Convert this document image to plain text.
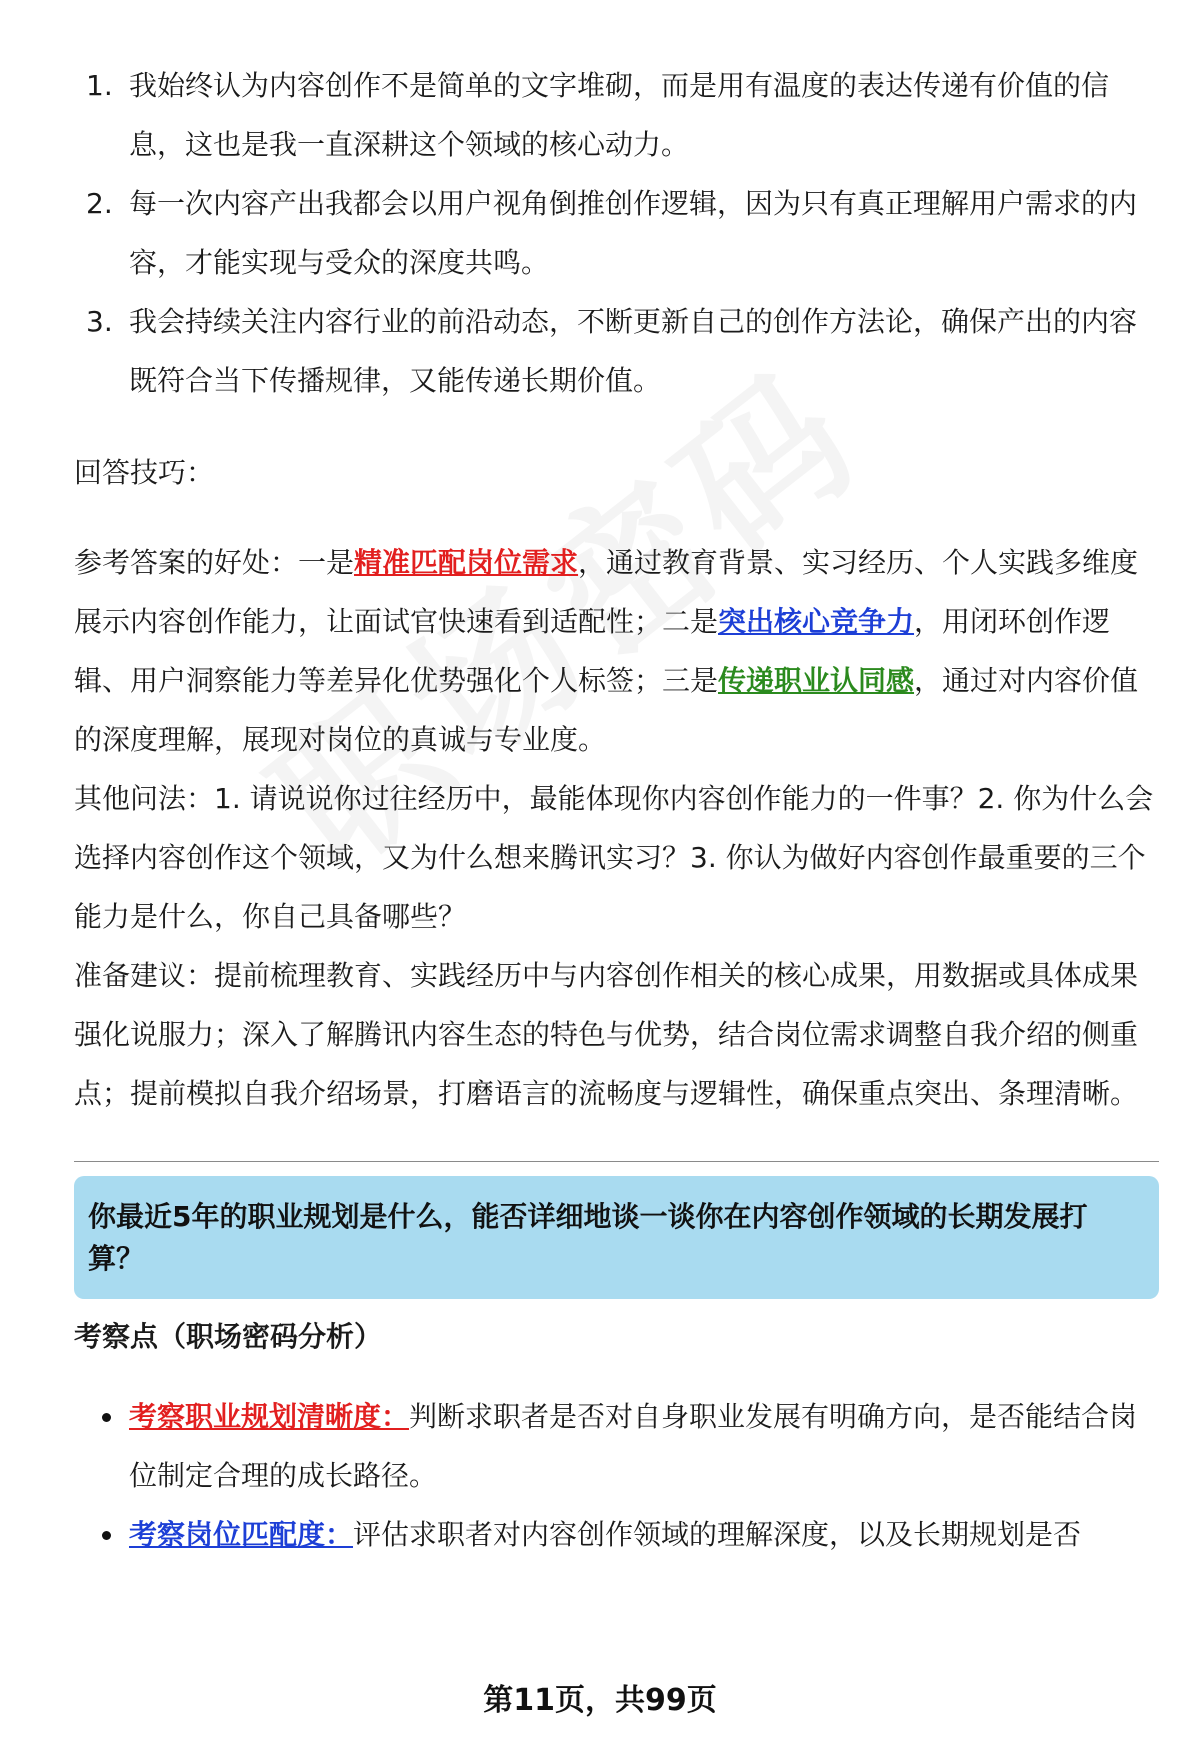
1. 我始终认为内容创作不是简单的文字堆砌，而是用有温度的表达传递有价值的信息，这也是我一直深耕这个领域的核心动力。
2. 每一次内容产出我都会以用户视角倒推创作逻辑，因为只有真正理解用户需求的内容，才能实现与受众的深度共鸣。
3. 我会持续关注内容行业的前沿动态，不断更新自己的创作方法论，确保产出的内容既符合当下传播规律，又能传递长期价值。

回答技巧：

参考答案的好处：一是精准匹配岗位需求，通过教育背景、实习经历、个人实践多维度展示内容创作能力，让面试官快速看到适配性；二是突出核心竞争力，用闭环创作逻辑、用户洞察能力等差异化优势强化个人标签；三是传递职业认同感，通过对内容价值的深度理解，展现对岗位的真诚与专业度。

其他问法：1. 请说说你过往经历中，最能体现你内容创作能力的一件事？2. 你为什么会选择内容创作这个领域，又为什么想来腾讯实习？3. 你认为做好内容创作最重要的三个能力是什么，你自己具备哪些？

准备建议：提前梳理教育、实践经历中与内容创作相关的核心成果，用数据或具体成果强化说服力；深入了解腾讯内容生态的特色与优势，结合岗位需求调整自我介绍的侧重点；提前模拟自我介绍场景，打磨语言的流畅度与逻辑性，确保重点突出、条理清晰。

你最近5年的职业规划是什么，能否详细地谈一谈你在内容创作领域的长期发展打算？
考察点（职场密码分析）
考察职业规划清晰度：判断求职者是否对自身职业发展有明确方向，是否能结合岗位制定合理的成长路径。
考察岗位匹配度：评估求职者对内容创作领域的理解深度，以及长期规划是否
第11页，共99页
